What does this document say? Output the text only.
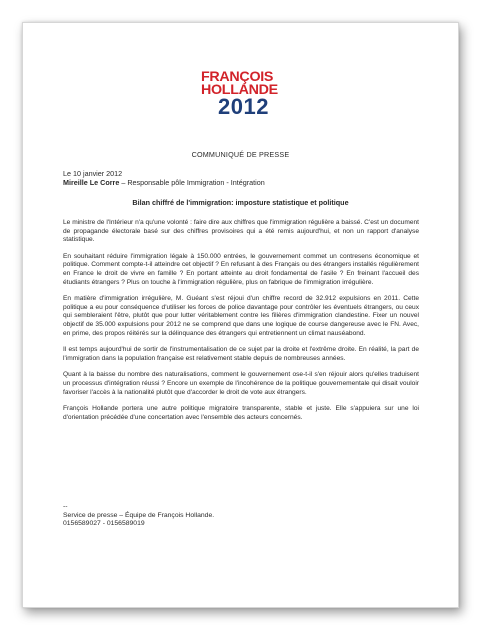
FRANÇOIS
HOLLANDE
2012
COMMUNIQUÉ DE PRESSE
Le 10 janvier 2012
Mireille Le Corre – Responsable pôle Immigration - Intégration
Bilan chiffré de l'immigration: imposture statistique et politique

Le ministre de l'Intérieur n'a qu'une volonté : faire dire aux chiffres que l'immigration régulière a baissé. C'est un document de propagande électorale basé sur des chiffres provisoires qui a été remis aujourd'hui, et non un rapport d'analyse statistique.

En souhaitant réduire l'immigration légale à 150.000 entrées, le gouvernement commet un contresens économique et politique. Comment compte-t-il atteindre cet objectif ? En refusant à des Français ou des étrangers installés régulièrement en France le droit de vivre en famille ? En portant atteinte au droit fondamental de l'asile ? En freinant l'accueil des étudiants étrangers ? Plus on touche à l'immigration régulière, plus on fabrique de l'immigration irrégulière.

En matière d'immigration irrégulière, M. Guéant s'est réjoui d'un chiffre record de 32.912 expulsions en 2011. Cette politique a eu pour conséquence d'utiliser les forces de police davantage pour contrôler les éventuels étrangers, ou ceux qui sembleraient l'être, plutôt que pour lutter véritablement contre les filières d'immigration clandestine. Fixer un nouvel objectif de 35.000 expulsions pour 2012 ne se comprend que dans une logique de course dangereuse avec le FN. Avec, en prime, des propos réitérés sur la délinquance des étrangers qui entretiennent un climat nauséabond.

Il est temps aujourd'hui de sortir de l'instrumentalisation de ce sujet par la droite et l'extrême droite. En réalité, la part de l'immigration dans la population française est relativement stable depuis de nombreuses années.

Quant à la baisse du nombre des naturalisations, comment le gouvernement ose-t-il s'en réjouir alors qu'elles traduisent un processus d'intégration réussi ? Encore un exemple de l'incohérence de la politique gouvernementale qui disait vouloir favoriser l'accès à la nationalité plutôt que d'accorder le droit de vote aux étrangers.

François Hollande portera une autre politique migratoire transparente, stable et juste. Elle s'appuiera sur une loi d'orientation précédée d'une concertation avec l'ensemble des acteurs concernés.

--
Service de presse – Équipe de François Hollande.
0156589027 - 0156589019
